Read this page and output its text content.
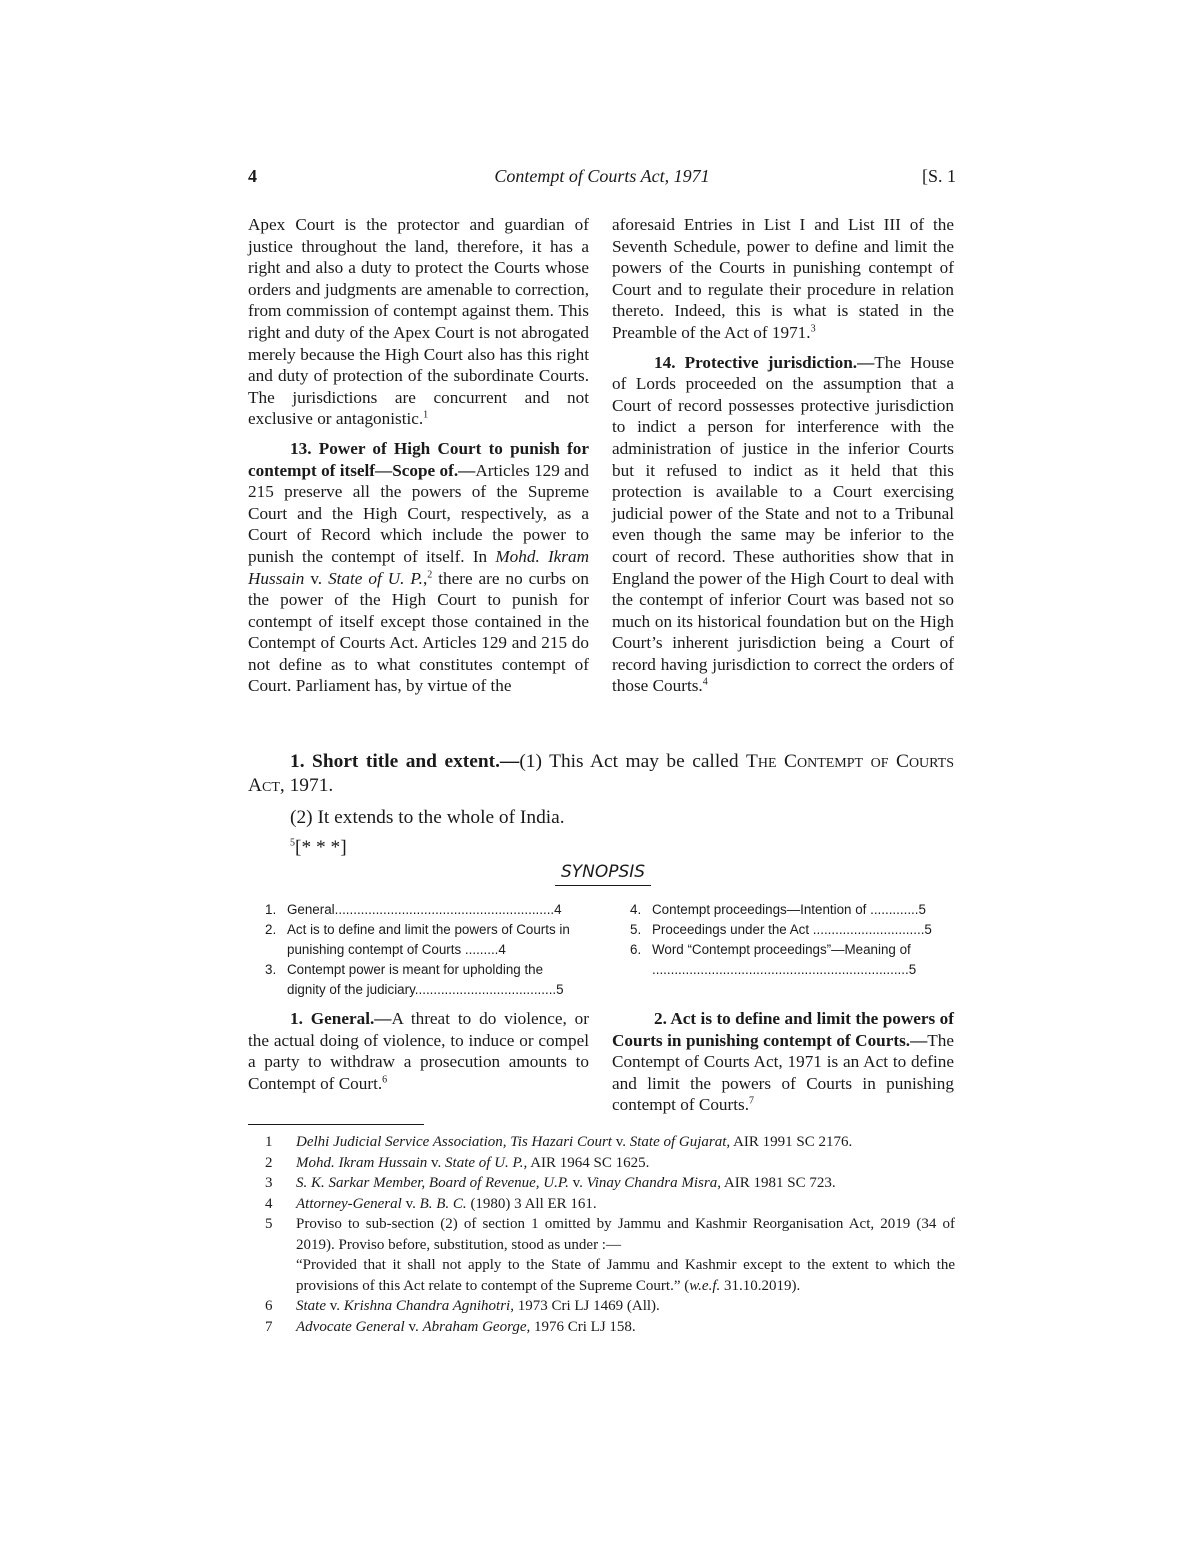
4	Contempt of Courts Act, 1971	[S. 1

Apex Court is the protector and guardian of justice throughout the land, therefore, it has a right and also a duty to protect the Courts whose orders and judgments are amenable to correction, from commission of contempt against them. This right and duty of the Apex Court is not abrogated merely because the High Court also has this right and duty of protection of the subordinate Courts. The jurisdictions are concurrent and not exclusive or antagonistic.$^1$

13. Power of High Court to punish for contempt of itself—Scope of.—Articles 129 and 215 preserve all the powers of the Supreme Court and the High Court, respectively, as a Court of Record which include the power to punish the contempt of itself. In Mohd. Ikram Hussain v. State of U. P.,$^2$ there are no curbs on the power of the High Court to punish for contempt of itself except those contained in the Contempt of Courts Act. Articles 129 and 215 do not define as to what constitutes contempt of Court. Parliament has, by virtue of the

aforesaid Entries in List I and List III of the Seventh Schedule, power to define and limit the powers of the Courts in punishing contempt of Court and to regulate their procedure in relation thereto. Indeed, this is what is stated in the Preamble of the Act of 1971.$^3$

14. Protective jurisdiction.—The House of Lords proceeded on the assumption that a Court of record possesses protective jurisdiction to indict a person for interference with the administration of justice in the inferior Courts but it refused to indict as it held that this protection is available to a Court exercising judicial power of the State and not to a Tribunal even though the same may be inferior to the court of record. These authorities show that in England the power of the High Court to deal with the contempt of inferior Court was based not so much on its historical foundation but on the High Court’s inherent jurisdiction being a Court of record having jurisdiction to correct the orders of those Courts.$^4$

1. Short title and extent.—(1) This Act may be called The Contempt of Courts Act, 1971.

(2) It extends to the whole of India.

$^5$[* * *]

SYNOPSIS
1. General...........................................................4
2. Act is to define and limit the powers of Courts in punishing contempt of Courts .........4
3. Contempt power is meant for upholding the dignity of the judiciary......................................5
4. Contempt proceedings—Intention of .............5
5. Proceedings under the Act ..............................5
6. Word “Contempt proceedings”—Meaning of .....................................................................5

1. General.—A threat to do violence, or the actual doing of violence, to induce or compel a party to withdraw a prosecution amounts to Contempt of Court.$^6$

2. Act is to define and limit the powers of Courts in punishing contempt of Courts.—The Contempt of Courts Act, 1971 is an Act to define and limit the powers of Courts in punishing contempt of Courts.$^7$

1 Delhi Judicial Service Association, Tis Hazari Court v. State of Gujarat, AIR 1991 SC 2176.
2 Mohd. Ikram Hussain v. State of U. P., AIR 1964 SC 1625.
3 S. K. Sarkar Member, Board of Revenue, U.P. v. Vinay Chandra Misra, AIR 1981 SC 723.
4 Attorney-General v. B. B. C. (1980) 3 All ER 161.
5 Proviso to sub-section (2) of section 1 omitted by Jammu and Kashmir Reorganisation Act, 2019 (34 of 2019). Proviso before, substitution, stood as under :—
“Provided that it shall not apply to the State of Jammu and Kashmir except to the extent to which the provisions of this Act relate to contempt of the Supreme Court.” (w.e.f. 31.10.2019).
6 State v. Krishna Chandra Agnihotri, 1973 Cri LJ 1469 (All).
7 Advocate General v. Abraham George, 1976 Cri LJ 158.
